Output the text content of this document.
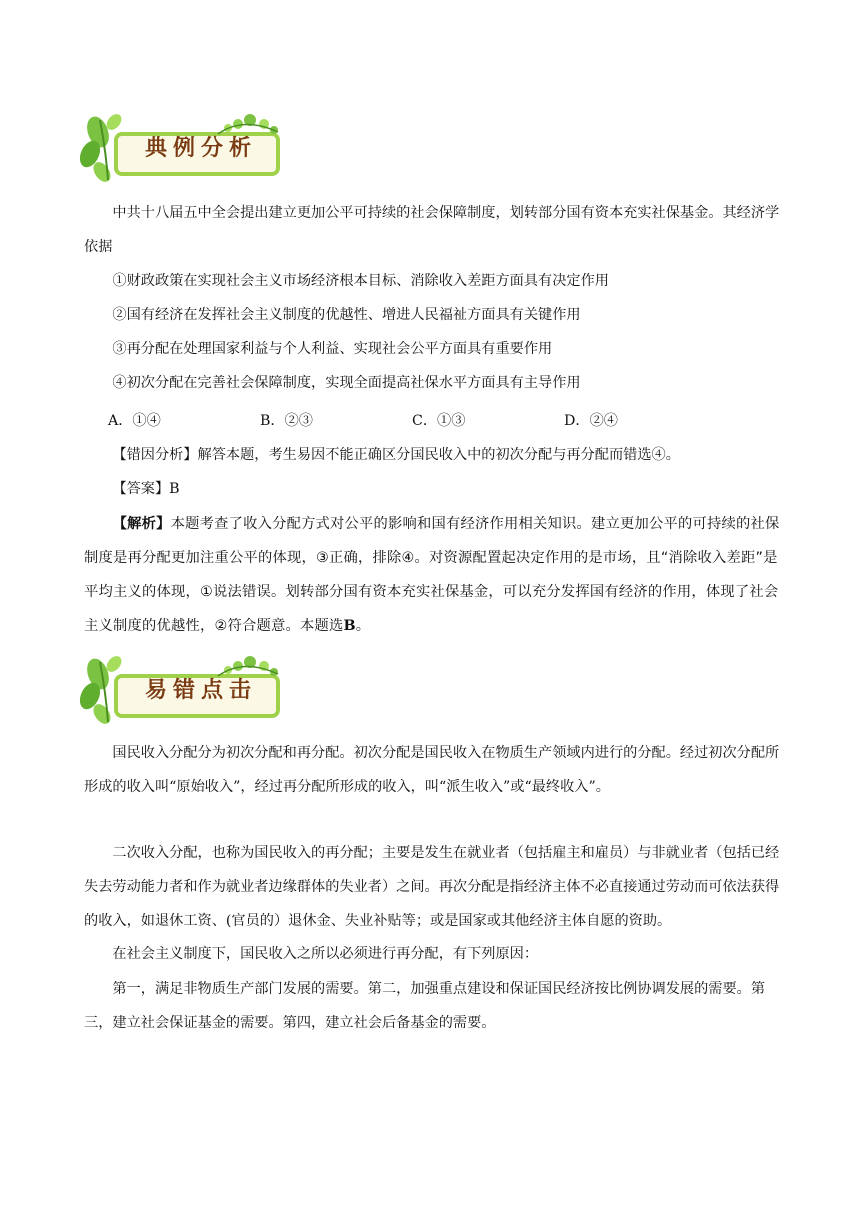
典例分析
中共十八届五中全会提出建立更加公平可持续的社会保障制度，划转部分国有资本充实社保基金。其经济学依据
①财政政策在实现社会主义市场经济根本目标、消除收入差距方面具有决定作用
②国有经济在发挥社会主义制度的优越性、增进人民福祉方面具有关键作用
③再分配在处理国家利益与个人利益、实现社会公平方面具有重要作用
④初次分配在完善社会保障制度，实现全面提高社保水平方面具有主导作用
A．①④	B．②③	C．①③	D．②④
【错因分析】解答本题，考生易因不能正确区分国民收入中的初次分配与再分配而错选④。
【答案】B
【解析】本题考查了收入分配方式对公平的影响和国有经济作用相关知识。建立更加公平的可持续的社保制度是再分配更加注重公平的体现，③正确，排除④。对资源配置起决定作用的是市场，且“消除收入差距”是平均主义的体现，①说法错误。划转部分国有资本充实社保基金，可以充分发挥国有经济的作用，体现了社会主义制度的优越性，②符合题意。本题选B。
易错点击
国民收入分配分为初次分配和再分配。初次分配是国民收入在物质生产领域内进行的分配。经过初次分配所形成的收入叫“原始收入”，经过再分配所形成的收入，叫“派生收入”或“最终收入”。
二次收入分配，也称为国民收入的再分配；主要是发生在就业者（包括雇主和雇员）与非就业者（包括已经失去劳动能力者和作为就业者边缘群体的失业者）之间。再次分配是指经济主体不必直接通过劳动而可依法获得的收入，如退休工资、(官员的）退休金、失业补贴等；或是国家或其他经济主体自愿的资助。
在社会主义制度下，国民收入之所以必须进行再分配，有下列原因：
第一，满足非物质生产部门发展的需要。第二，加强重点建设和保证国民经济按比例协调发展的需要。第三，建立社会保证基金的需要。第四，建立社会后备基金的需要。
